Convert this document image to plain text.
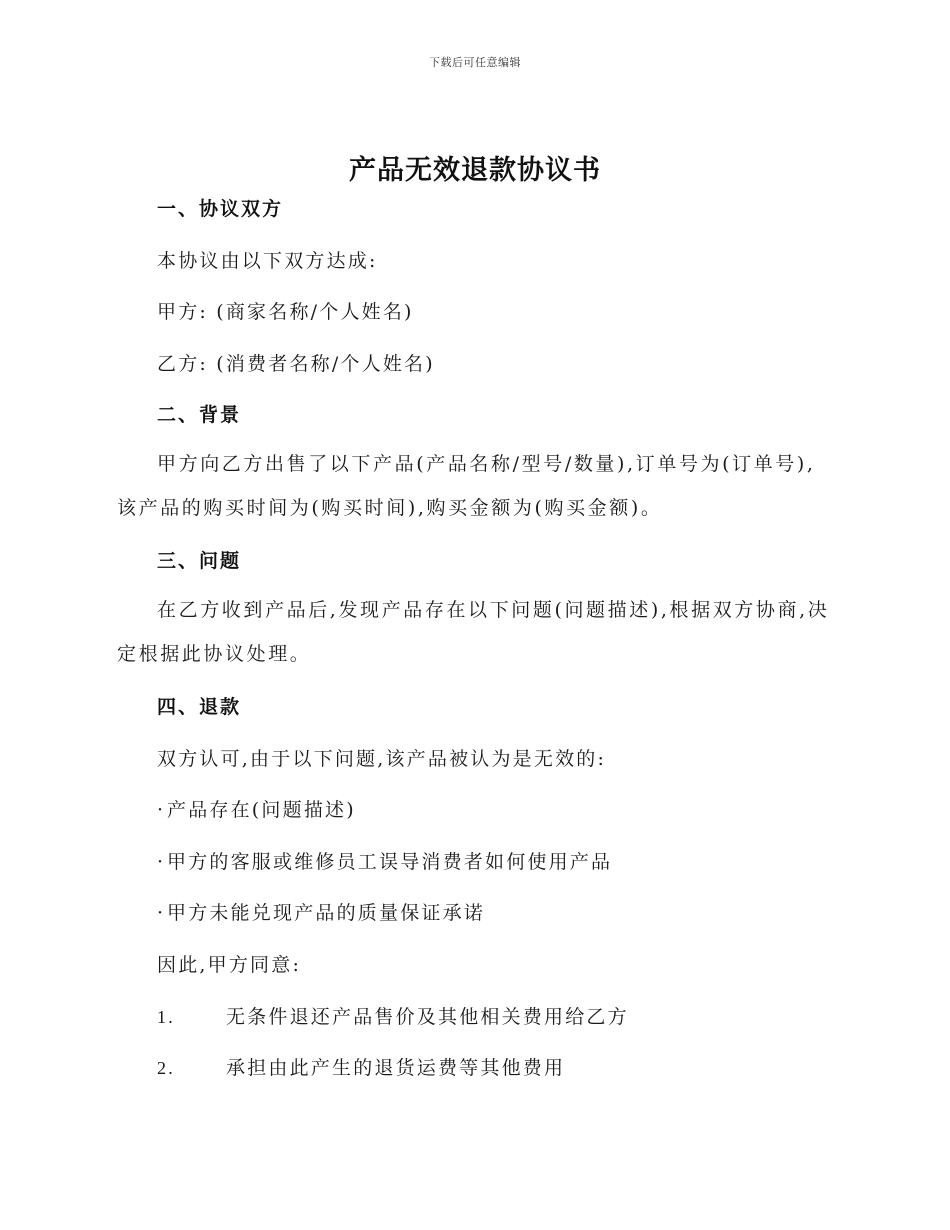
下载后可任意编辑
产品无效退款协议书

一、协议双方

本协议由以下双方达成:

甲方: (商家名称/个人姓名)

乙方: (消费者名称/个人姓名)

二、背景

甲方向乙方出售了以下产品(产品名称/型号/数量),订单号为(订单号),该产品的购买时间为(购买时间),购买金额为(购买金额)。

三、问题

在乙方收到产品后,发现产品存在以下问题(问题描述),根据双方协商,决定根据此协议处理。

四、退款

双方认可,由于以下问题,该产品被认为是无效的:

·产品存在(问题描述)

·甲方的客服或维修员工误导消费者如何使用产品

·甲方未能兑现产品的质量保证承诺

因此,甲方同意:

1.	无条件退还产品售价及其他相关费用给乙方

2.	承担由此产生的退货运费等其他费用
